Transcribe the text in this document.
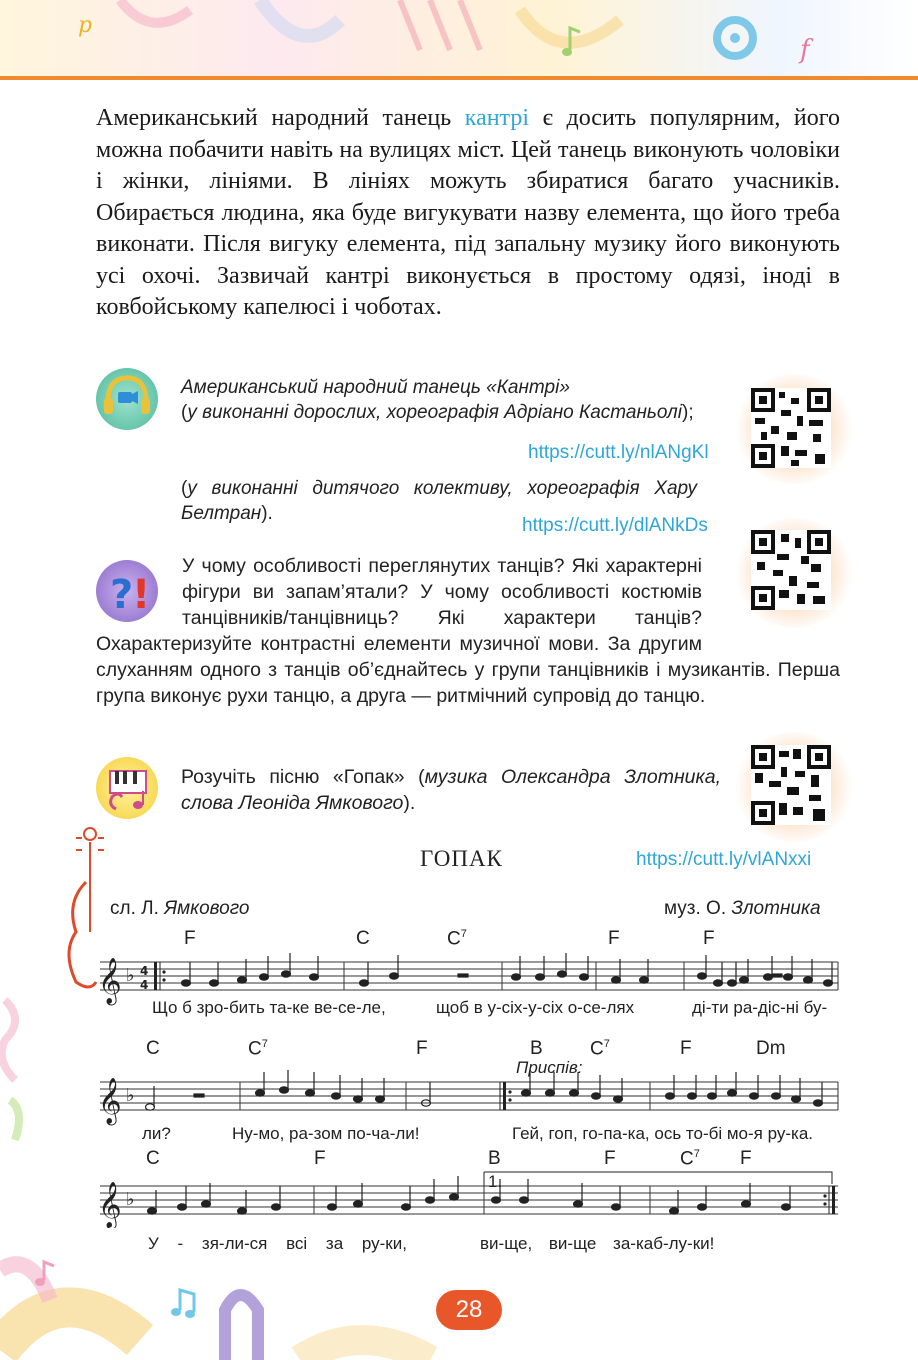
p
f
Американський народний танець кантрі є досить популярним, його можна побачити навіть на вулицях міст. Цей танець виконують чоловіки і жінки, лініями. В лініях можуть збиратися багато учасників. Обирається людина, яка буде вигукувати назву елемента, що його треба виконати. Після вигуку елемента, під запальну музику його виконують усі охочі. Зазвичай кантрі виконується в простому одязі, іноді в ковбойському капелюсі і чоботах.
Американський народний танець «Кантрі»
(у виконанні дорослих, хореографія Адріано Кастаньолі);
https://cutt.ly/nlANgKl
(у виконанні дитячого колективу, хореографія Хару Белтран).
https://cutt.ly/dlANkDs
?
!
У чому особливості переглянутих танців? Які характерні фігури ви запам’ятали? У чому особливості костюмів танцівників/танцівниць? Які характери танців? Охарактеризуйте контрастні елементи музичної мови. За другим слуханням одного з танців об’єднайтесь у групи танцівників і музикантів. Перша група виконує рухи танцю, а друга — ритмічний супровід до танцю.
Розучіть пісню «Гопак» (музика Олександра Злотника, слова Леоніда Ямкового).
ГОПАК	https://cutt.ly/vlANxxi
сл. Л. Ямкового	муз. О. Злотника
F	C	$C^7$	F	F
𝄞 ♭ 4
4
Що б зро-бить та-ке ве-се-ле,	щоб в у-сіх-у-сіх о-се-лях	ді-ти ра-діс-ні бу-
C	$C^7$	F	B $C^7$	F	Dm
Приспів:
𝄞 ♭
ли?	Ну-мо, ра-зом по-ча-ли!	Гей, гоп, го-па-ка, ось то-бі мо-я ру-ка.
C	F	B	F	$C^7$ F
𝄞 ♭
1.
У - зя-ли-ся всі за ру-ки,	ви-ще, ви-ще за-каб-лу-ки!
28
